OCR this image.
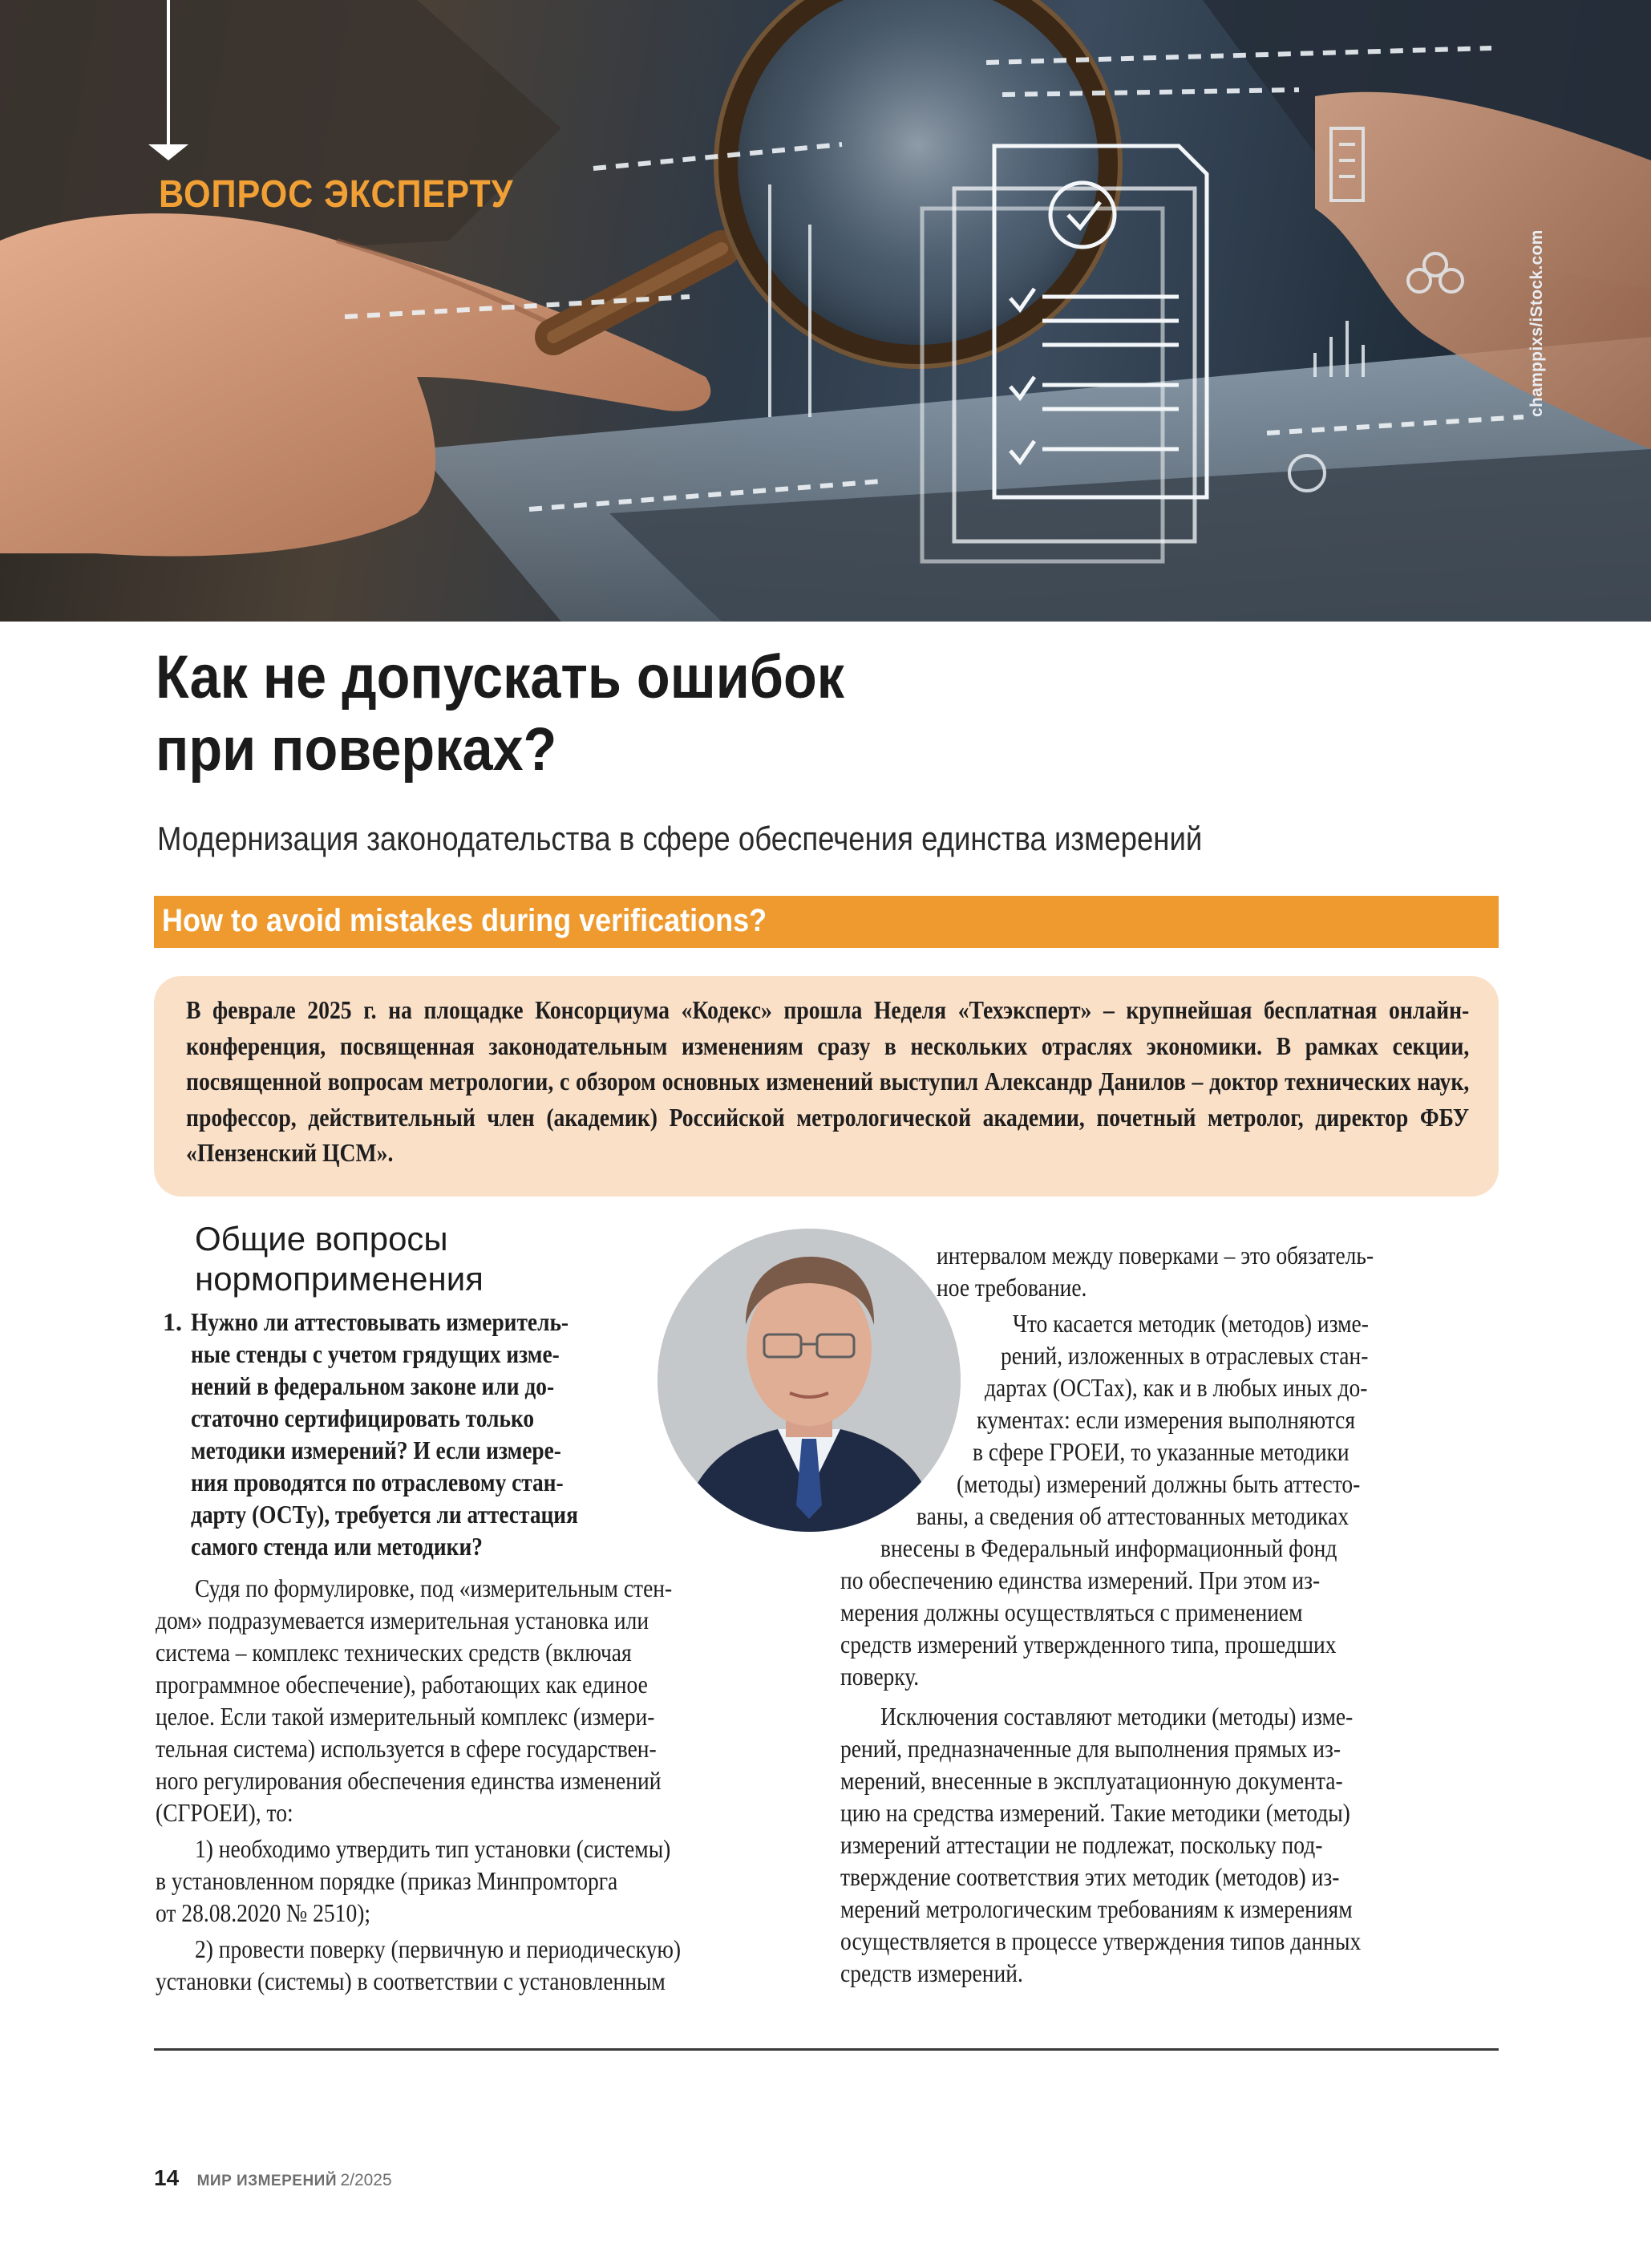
ВОПРОС ЭКСПЕРТУ
champpixs/iStock.com
Как не допускать ошибок
при поверках?
Модернизация законодательства в сфере обеспечения единства измерений
How to avoid mistakes during verifications?

В феврале 2025 г. на площадке Консорциума «Кодекс» прошла Неделя «Техэксперт» – крупнейшая бесплатная онлайн-конференция, посвященная законодательным изменениям сразу в нескольких отраслях экономики. В рамках секции, посвященной вопросам метрологии, с обзором основных изменений выступил Александр Данилов – доктор технических наук, профессор, действительный член (академик) Российской метрологической академии, почетный метролог, директор ФБУ «Пензенский ЦСМ».

Общие вопросы
нормоприменения
1. Нужно ли аттестовывать измеритель-
ные стенды с учетом грядущих изме-
нений в федеральном законе или до-
статочно сертифицировать только
методики измерений? И если измере-
ния проводятся по отраслевому стан-
дарту (ОСТу), требуется ли аттестация
самого стенда или методики?
Судя по формулировке, под «измерительным стен-
дом» подразумевается измерительная установка или
система – комплекс технических средств (включая
программное обеспечение), работающих как единое
целое. Если такой измерительный комплекс (измери-
тельная система) используется в сфере государствен-
ного регулирования обеспечения единства изменений
(СГРОЕИ), то:
1) необходимо утвердить тип установки (системы)
в установленном порядке (приказ Минпромторга
от 28.08.2020 № 2510);
2) провести поверку (первичную и периодическую)
установки (системы) в соответствии с установленным
интервалом между поверками – это обязатель-
ное требование.
Что касается методик (методов) изме-
рений, изложенных в отраслевых стан-
дартах (ОСТах), как и в любых иных до-
кументах: если измерения выполняются
в сфере ГРОЕИ, то указанные методики
(методы) измерений должны быть аттесто-
ваны, а сведения об аттестованных методиках
внесены в Федеральный информационный фонд
по обеспечению единства измерений. При этом из-
мерения должны осуществляться с применением
средств измерений утвержденного типа, прошедших
поверку.
Исключения составляют методики (методы) изме-
рений, предназначенные для выполнения прямых из-
мерений, внесенные в эксплуатационную документа-
цию на средства измерений. Такие методики (методы)
измерений аттестации не подлежат, поскольку под-
тверждение соответствия этих методик (методов) из-
мерений метрологическим требованиям к измерениям
осуществляется в процессе утверждения типов данных
средств измерений.
14 МИР ИЗМЕРЕНИЙ 2/2025
